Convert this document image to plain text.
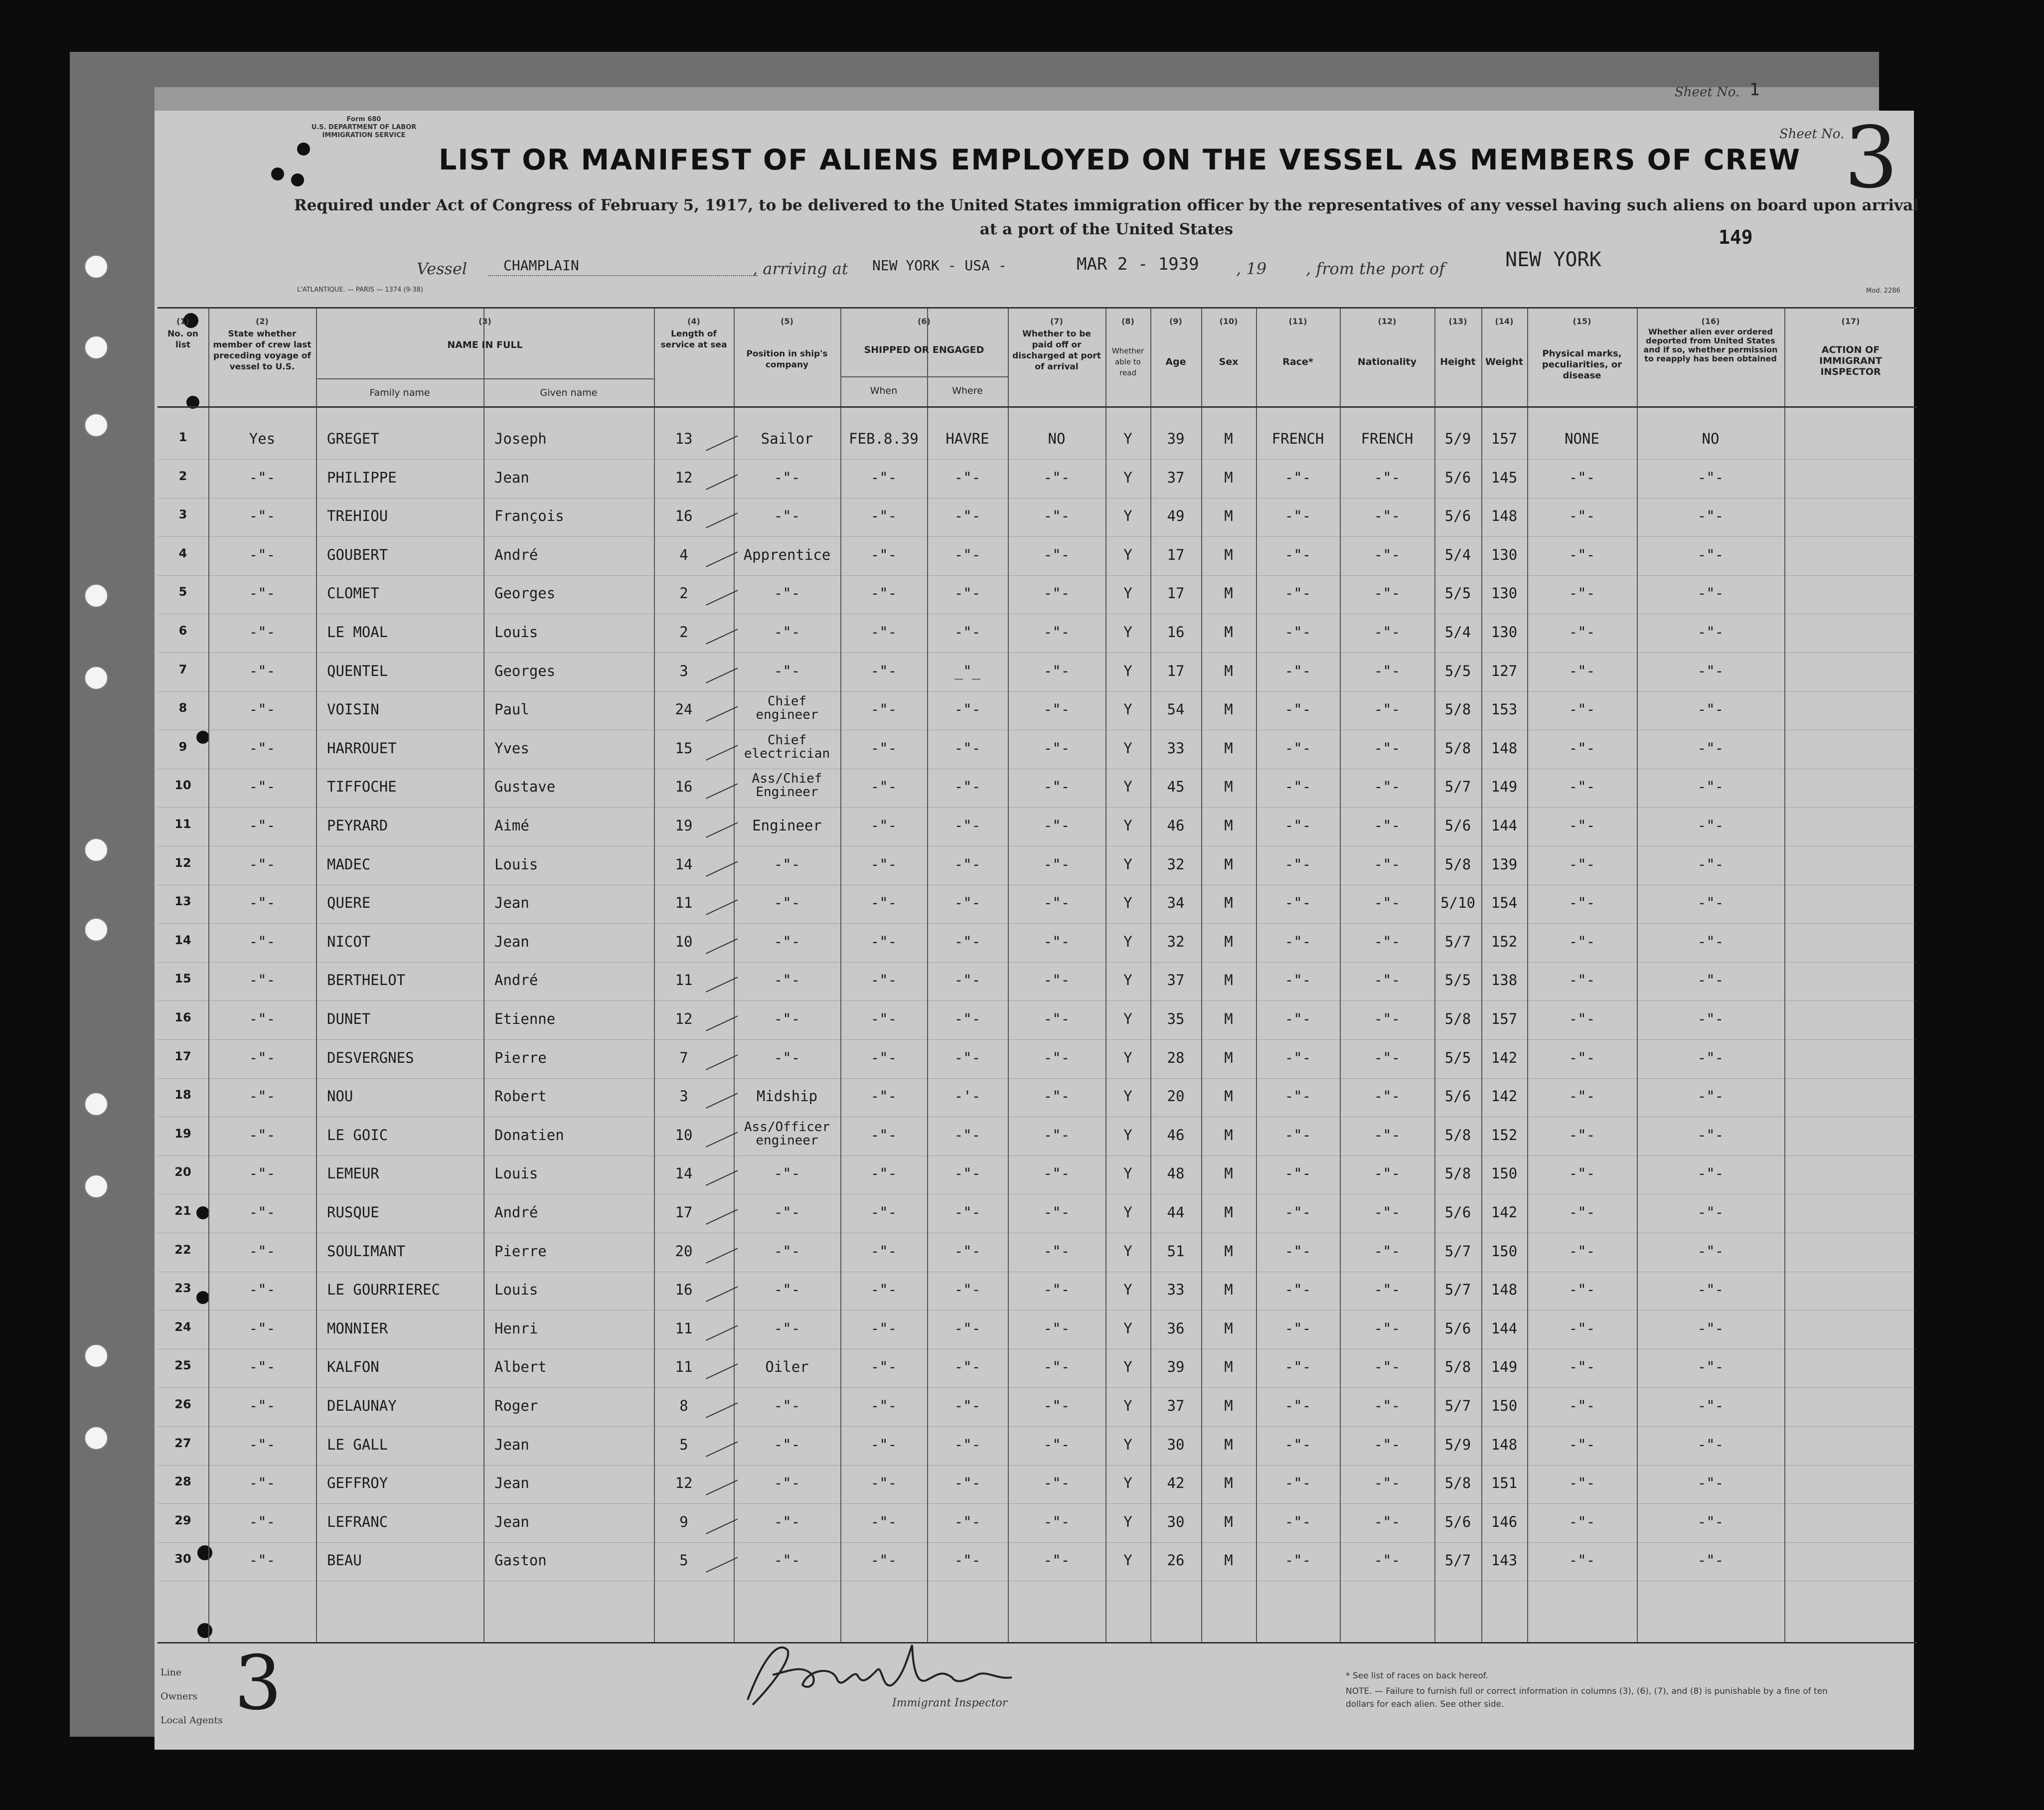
Sheet No. 1
Sheet No.
Form 680
U.S. DEPARTMENT OF LABOR
IMMIGRATION SERVICE
LIST OR MANIFEST OF ALIENS EMPLOYED ON THE VESSEL AS MEMBERS OF CREW 3
Required under Act of Congress of February 5, 1917, to be delivered to the United States immigration officer by the representatives of any vessel having such aliens on board upon arrival at a port of the United States	149
Vessel	CHAMPLAIN	, arriving at NEW YORK - USA -	MAR 2 - 1939 , 19 , from the port of	NEW YORK
L'ATLANTIQUE. — PARIS — 1374 (9-38)	Mod. 2286
(1)
No. on list
(2)
State whether member of crew last preceding voyage of vessel to U.S.
(3)
NAME IN FULL
Family name	Given name
(4)
Length of service at sea
(5)
Position in ship's company
(6)
SHIPPED OR ENGAGED
When	Where
(7)
Whether to be paid off or discharged at port of arrival
(8)
Whether able to read
(9)
Age
(10)
Sex
(11)
Race*
(12)
Nationality
(13)
Height
(14)
Weight
(15)
Physical marks, peculiarities, or disease
(16)
Whether alien ever ordered deported from United States and if so, whether permission to reapply has been obtained
(17)
ACTION OF IMMIGRANT INSPECTOR
1	Yes	GREGET	Joseph	13	Sailor	FEB.8.39	HAVRE	NO	Y	39	M	FRENCH	FRENCH	5/9	157	NONE	NO
2	-"-	PHILIPPE	Jean	12	-"-	-"-	-"-	-"-	Y	37	M	-"-	-"-	5/6	145	-"-	-"-
3	-"-	TREHIOU	François	16	-"-	-"-	-"-	-"-	Y	49	M	-"-	-"-	5/6	148	-"-	-"-
4	-"-	GOUBERT	André	4	Apprentice	-"-	-"-	-"-	Y	17	M	-"-	-"-	5/4	130	-"-	-"-
5	-"-	CLOMET	Georges	2	-"-	-"-	-"-	-"-	Y	17	M	-"-	-"-	5/5	130	-"-	-"-
6	-"-	LE MOAL	Louis	2	-"-	-"-	-"-	-"-	Y	16	M	-"-	-"-	5/4	130	-"-	-"-
7	-"-	QUENTEL	Georges	3	-"-	-"-	_"_	-"-	Y	17	M	-"-	-"-	5/5	127	-"-	-"-
8	-"-	VOISIN	Paul	24	Chief engineer	-"-	-"-	-"-	Y	54	M	-"-	-"-	5/8	153	-"-	-"-
9	-"-	HARROUET	Yves	15	Chief electrician	-"-	-"-	-"-	Y	33	M	-"-	-"-	5/8	148	-"-	-"-
10	-"-	TIFFOCHE	Gustave	16	Ass/Chief Engineer	-"-	-"-	-"-	Y	45	M	-"-	-"-	5/7	149	-"-	-"-
11	-"-	PEYRARD	Aimé	19	Engineer	-"-	-"-	-"-	Y	46	M	-"-	-"-	5/6	144	-"-	-"-
12	-"-	MADEC	Louis	14	-"-	-"-	-"-	-"-	Y	32	M	-"-	-"-	5/8	139	-"-	-"-
13	-"-	QUERE	Jean	11	-"-	-"-	-"-	-"-	Y	34	M	-"-	-"-	5/10	154	-"-	-"-
14	-"-	NICOT	Jean	10	-"-	-"-	-"-	-"-	Y	32	M	-"-	-"-	5/7	152	-"-	-"-
15	-"-	BERTHELOT	André	11	-"-	-"-	-"-	-"-	Y	37	M	-"-	-"-	5/5	138	-"-	-"-
16	-"-	DUNET	Etienne	12	-"-	-"-	-"-	-"-	Y	35	M	-"-	-"-	5/8	157	-"-	-"-
17	-"-	DESVERGNES	Pierre	7	-"-	-"-	-"-	-"-	Y	28	M	-"-	-"-	5/5	142	-"-	-"-
18	-"-	NOU	Robert	3	Midship	-"-	-'-	-"-	Y	20	M	-"-	-"-	5/6	142	-"-	-"-
19	-"-	LE GOIC	Donatien	10	Ass/Officer engineer	-"-	-"-	-"-	Y	46	M	-"-	-"-	5/8	152	-"-	-"-
20	-"-	LEMEUR	Louis	14	-"-	-"-	-"-	-"-	Y	48	M	-"-	-"-	5/8	150	-"-	-"-
21	-"-	RUSQUE	André	17	-"-	-"-	-"-	-"-	Y	44	M	-"-	-"-	5/6	142	-"-	-"-
22	-"-	SOULIMANT	Pierre	20	-"-	-"-	-"-	-"-	Y	51	M	-"-	-"-	5/7	150	-"-	-"-
23	-"-	LE GOURRIEREC	Louis	16	-"-	-"-	-"-	-"-	Y	33	M	-"-	-"-	5/7	148	-"-	-"-
24	-"-	MONNIER	Henri	11	-"-	-"-	-"-	-"-	Y	36	M	-"-	-"-	5/6	144	-"-	-"-
25	-"-	KALFON	Albert	11	Oiler	-"-	-"-	-"-	Y	39	M	-"-	-"-	5/8	149	-"-	-"-
26	-"-	DELAUNAY	Roger	8	-"-	-"-	-"-	-"-	Y	37	M	-"-	-"-	5/7	150	-"-	-"-
27	-"-	LE GALL	Jean	5	-"-	-"-	-"-	-"-	Y	30	M	-"-	-"-	5/9	148	-"-	-"-
28	-"-	GEFFROY	Jean	12	-"-	-"-	-"-	-"-	Y	42	M	-"-	-"-	5/8	151	-"-	-"-
29	-"-	LEFRANC	Jean	9	-"-	-"-	-"-	-"-	Y	30	M	-"-	-"-	5/6	146	-"-	-"-
30	-"-	BEAU	Gaston	5	-"-	-"-	-"-	-"-	Y	26	M	-"-	-"-	5/7	143	-"-	-"-
Line
Owners
Local Agents 3	Immigrant Inspector
* See list of races on back hereof.
NOTE. — Failure to furnish full or correct information in columns (3), (6), (7), and (8) is punishable by a fine of ten dollars for each alien. See other side.
